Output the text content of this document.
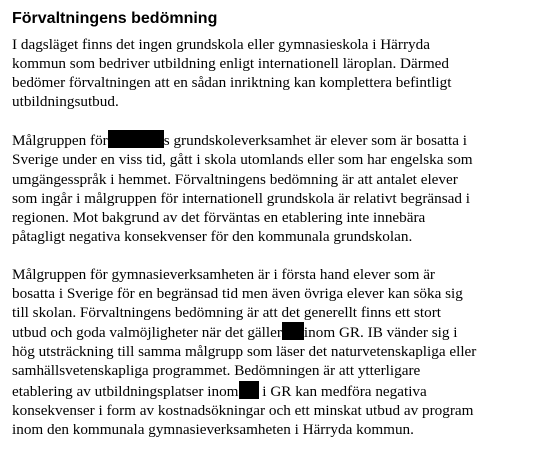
Förvaltningens bedömning

I dagsläget finns det ingen grundskola eller gymnasieskola i Härryda
kommun som bedriver utbildning enligt internationell läroplan. Därmed
bedömer förvaltningen att en sådan inriktning kan komplettera befintligt
utbildningsutbud.

Målgruppen för	s grundskoleverksamhet är elever som är bosatta i
Sverige under en viss tid, gått i skola utomlands eller som har engelska som
umgängesspråk i hemmet. Förvaltningens bedömning är att antalet elever
som ingår i målgruppen för internationell grundskola är relativt begränsad i
regionen. Mot bakgrund av det förväntas en etablering inte innebära
påtagligt negativa konsekvenser för den kommunala grundskolan.

Målgruppen för gymnasieverksamheten är i första hand elever som är
bosatta i Sverige för en begränsad tid men även övriga elever kan söka sig
till skolan. Förvaltningens bedömning är att det generellt finns ett stort
utbud och goda valmöjligheter när det gäller inom GR. IB vänder sig i
hög utsträckning till samma målgrupp som läser det naturvetenskapliga eller
samhällsvetenskapliga programmet. Bedömningen är att ytterligare
etablering av utbildningsplatser inom i GR kan medföra negativa
konsekvenser i form av kostnadsökningar och ett minskat utbud av program
inom den kommunala gymnasieverksamheten i Härryda kommun.
